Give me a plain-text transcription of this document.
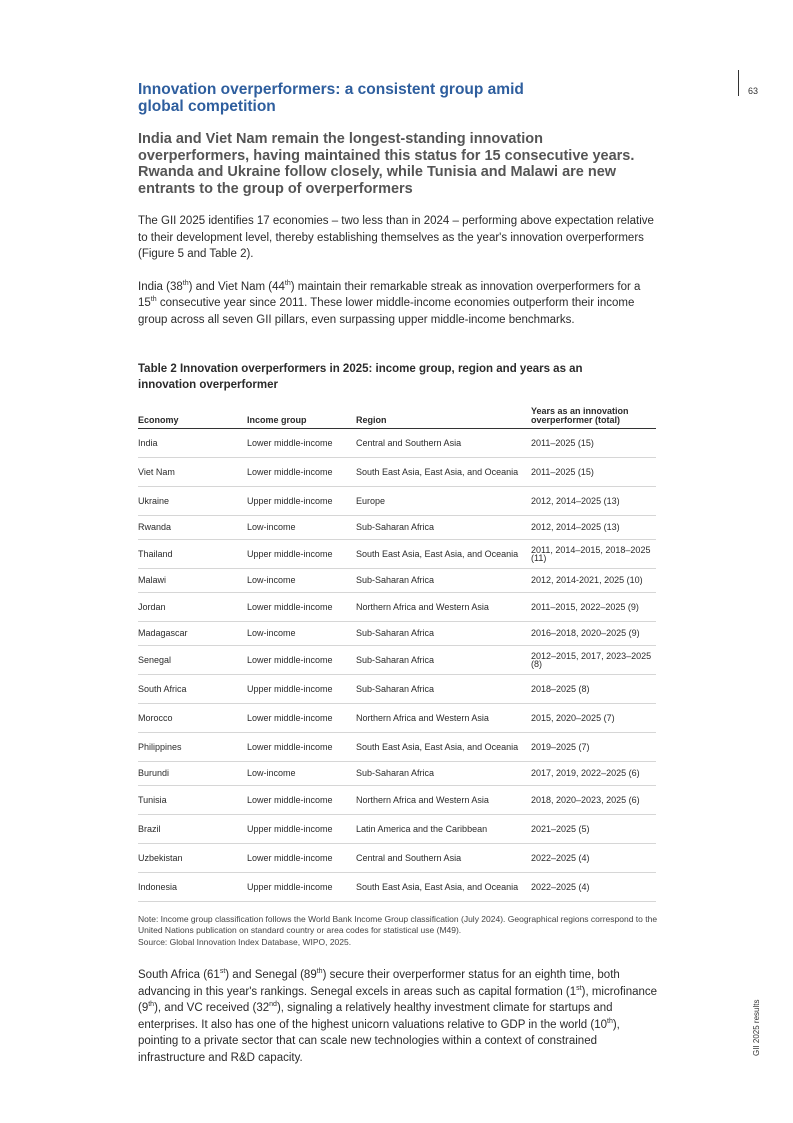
63
GII 2025 results
Innovation overperformers: a consistent group amid global competition
India and Viet Nam remain the longest-standing innovation overperformers, having maintained this status for 15 consecutive years. Rwanda and Ukraine follow closely, while Tunisia and Malawi are new entrants to the group of overperformers

The GII 2025 identifies 17 economies – two less than in 2024 – performing above expectation relative to their development level, thereby establishing themselves as the year's innovation overperformers (Figure 5 and Table 2).

India (38th) and Viet Nam (44th) maintain their remarkable streak as innovation overperformers for a 15th consecutive year since 2011. These lower middle-income economies outperform their income group across all seven GII pillars, even surpassing upper middle-income benchmarks.

Table 2 Innovation overperformers in 2025: income group, region and years as an innovation overperformer
Economy	Income group	Region	Years as an innovation overperformer (total)
India	Lower middle-income	Central and Southern Asia	2011–2025 (15)
Viet Nam	Lower middle-income	South East Asia, East Asia, and Oceania	2011–2025 (15)
Ukraine	Upper middle-income	Europe	2012, 2014–2025 (13)
Rwanda	Low-income	Sub-Saharan Africa	2012, 2014–2025 (13)
Thailand	Upper middle-income	South East Asia, East Asia, and Oceania	2011, 2014–2015, 2018–2025 (11)
Malawi	Low-income	Sub-Saharan Africa	2012, 2014-2021, 2025 (10)
Jordan	Lower middle-income	Northern Africa and Western Asia	2011–2015, 2022–2025 (9)
Madagascar	Low-income	Sub-Saharan Africa	2016–2018, 2020–2025 (9)
Senegal	Lower middle-income	Sub-Saharan Africa	2012–2015, 2017, 2023–2025 (8)
South Africa	Upper middle-income	Sub-Saharan Africa	2018–2025 (8)
Morocco	Lower middle-income	Northern Africa and Western Asia	2015, 2020–2025 (7)
Philippines	Lower middle-income	South East Asia, East Asia, and Oceania	2019–2025 (7)
Burundi	Low-income	Sub-Saharan Africa	2017, 2019, 2022–2025 (6)
Tunisia	Lower middle-income	Northern Africa and Western Asia	2018, 2020–2023, 2025 (6)
Brazil	Upper middle-income	Latin America and the Caribbean	2021–2025 (5)
Uzbekistan	Lower middle-income	Central and Southern Asia	2022–2025 (4)
Indonesia	Upper middle-income	South East Asia, East Asia, and Oceania	2022–2025 (4)
Note: Income group classification follows the World Bank Income Group classification (July 2024). Geographical regions correspond to the United Nations publication on standard country or area codes for statistical use (M49).
Source: Global Innovation Index Database, WIPO, 2025.

South Africa (61st) and Senegal (89th) secure their overperformer status for an eighth time, both advancing in this year's rankings. Senegal excels in areas such as capital formation (1st), microfinance (9th), and VC received (32nd), signaling a relatively healthy investment climate for startups and enterprises. It also has one of the highest unicorn valuations relative to GDP in the world (10th), pointing to a private sector that can scale new technologies within a context of constrained infrastructure and R&D capacity.
